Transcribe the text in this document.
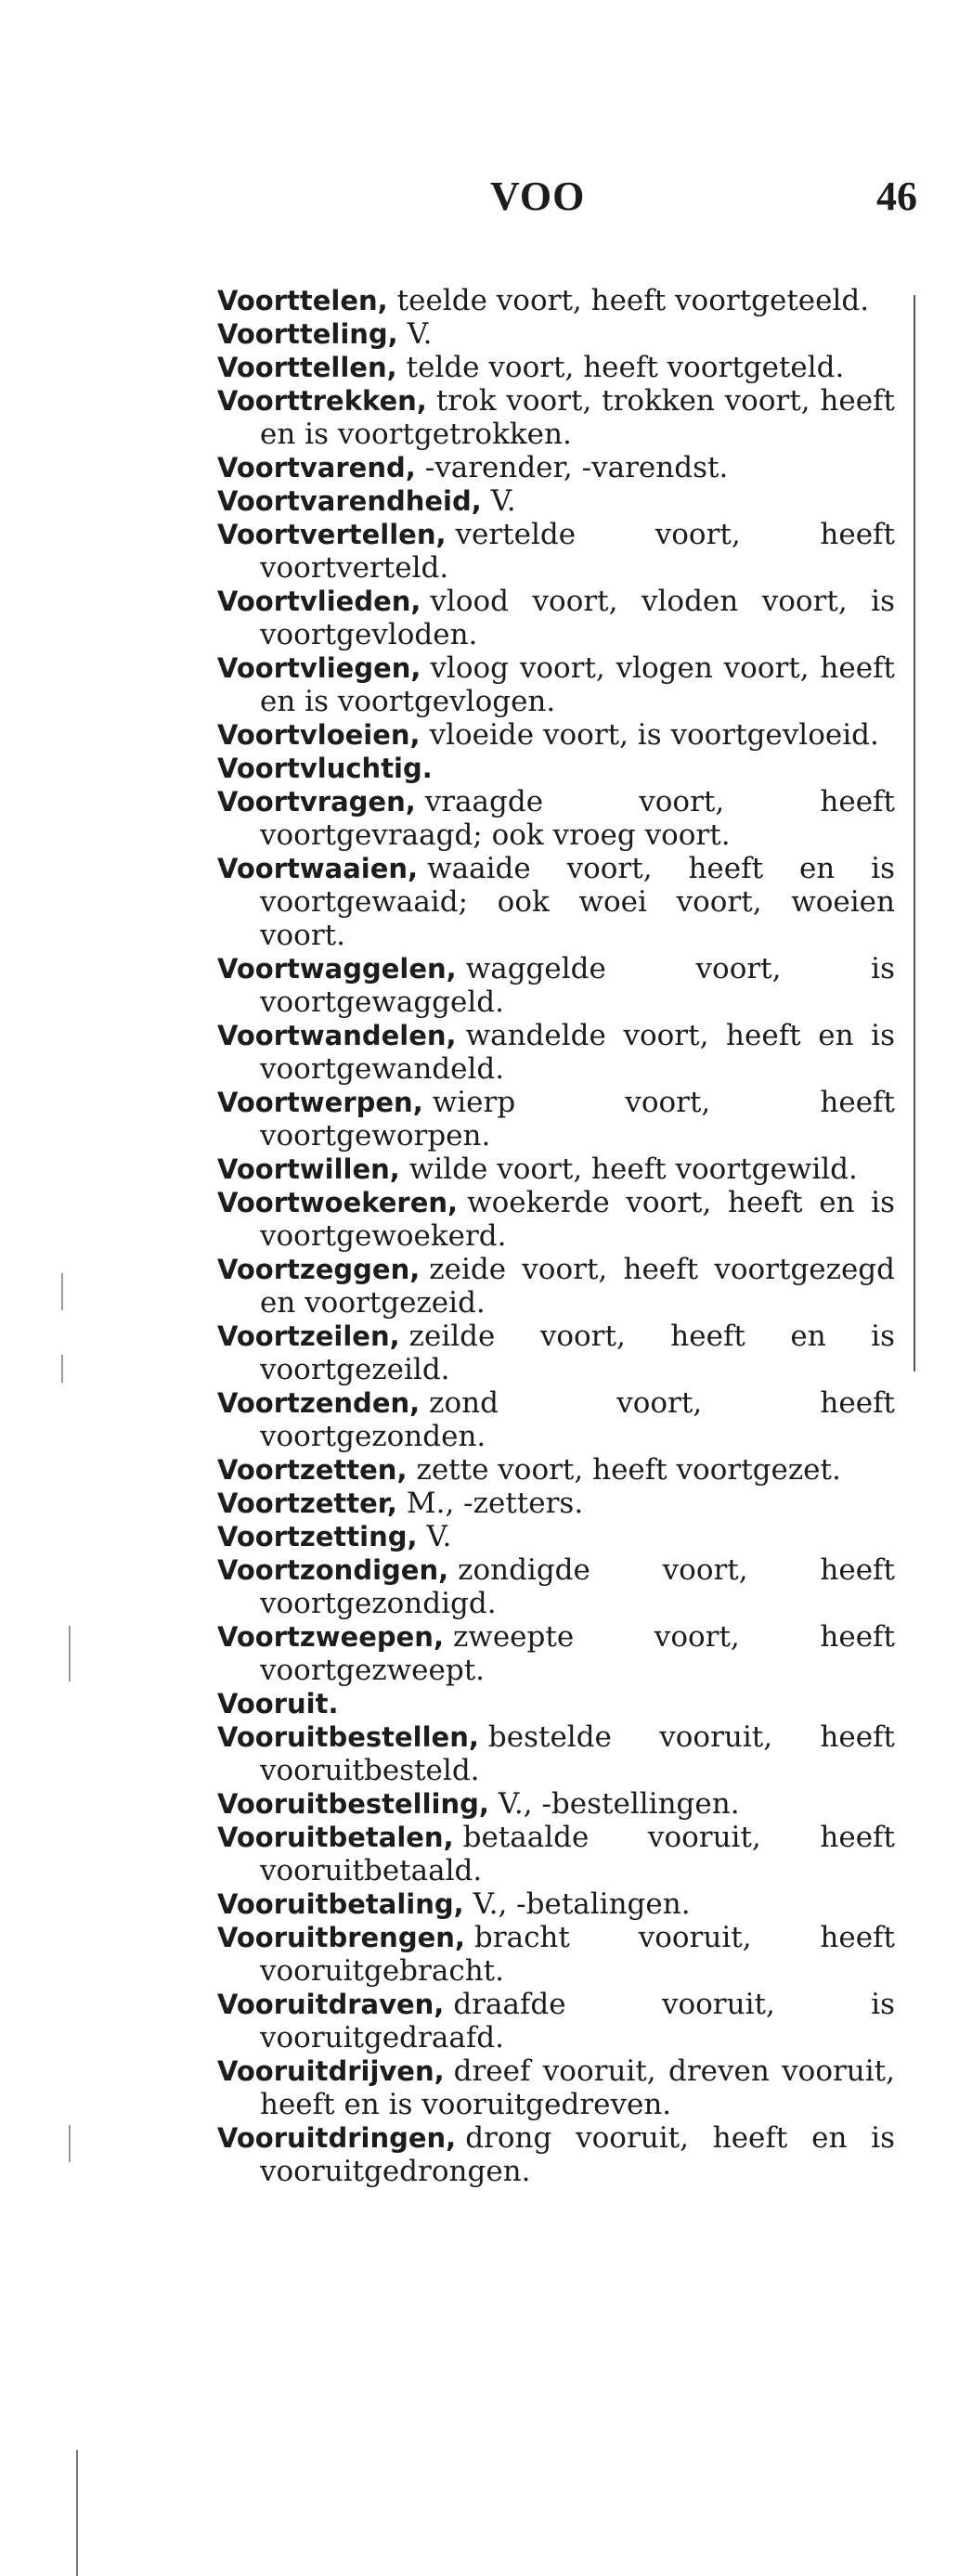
VOO	46
Voorttelen, teelde voort, heeft voortgeteeld.
Voortteling, V.
Voorttellen, telde voort, heeft voortgeteld.
Voorttrekken, trok voort, trokken voort, heeft en is voortgetrokken.
Voortvarend, -varender, -varendst.
Voortvarendheid, V.
Voortvertellen, vertelde voort, heeft voortverteld.
Voortvlieden, vlood voort, vloden voort, is voortgevloden.
Voortvliegen, vloog voort, vlogen voort, heeft en is voortgevlogen.
Voortvloeien, vloeide voort, is voortgevloeid.
Voortvluchtig.
Voortvragen, vraagde voort, heeft voortgevraagd; ook vroeg voort.
Voortwaaien, waaide voort, heeft en is voortgewaaid; ook woei voort, woeien voort.
Voortwaggelen, waggelde voort, is voortgewaggeld.
Voortwandelen, wandelde voort, heeft en is voortgewandeld.
Voortwerpen, wierp voort, heeft voortgeworpen.
Voortwillen, wilde voort, heeft voortgewild.
Voortwoekeren, woekerde voort, heeft en is voortgewoekerd.
Voortzeggen, zeide voort, heeft voortgezegd en voortgezeid.
Voortzeilen, zeilde voort, heeft en is voortgezeild.
Voortzenden, zond voort, heeft voortgezonden.
Voortzetten, zette voort, heeft voortgezet.
Voortzetter, M., -zetters.
Voortzetting, V.
Voortzondigen, zondigde voort, heeft voortgezondigd.
Voortzweepen, zweepte voort, heeft voortgezweept.
Vooruit.
Vooruitbestellen, bestelde vooruit, heeft vooruitbesteld.
Vooruitbestelling, V., -bestellingen.
Vooruitbetalen, betaalde vooruit, heeft vooruitbetaald.
Vooruitbetaling, V., -betalingen.
Vooruitbrengen, bracht vooruit, heeft vooruitgebracht.
Vooruitdraven, draafde vooruit, is vooruitgedraafd.
Vooruitdrijven, dreef vooruit, dreven vooruit, heeft en is vooruitgedreven.
Vooruitdringen, drong vooruit, heeft en is vooruitgedrongen.
